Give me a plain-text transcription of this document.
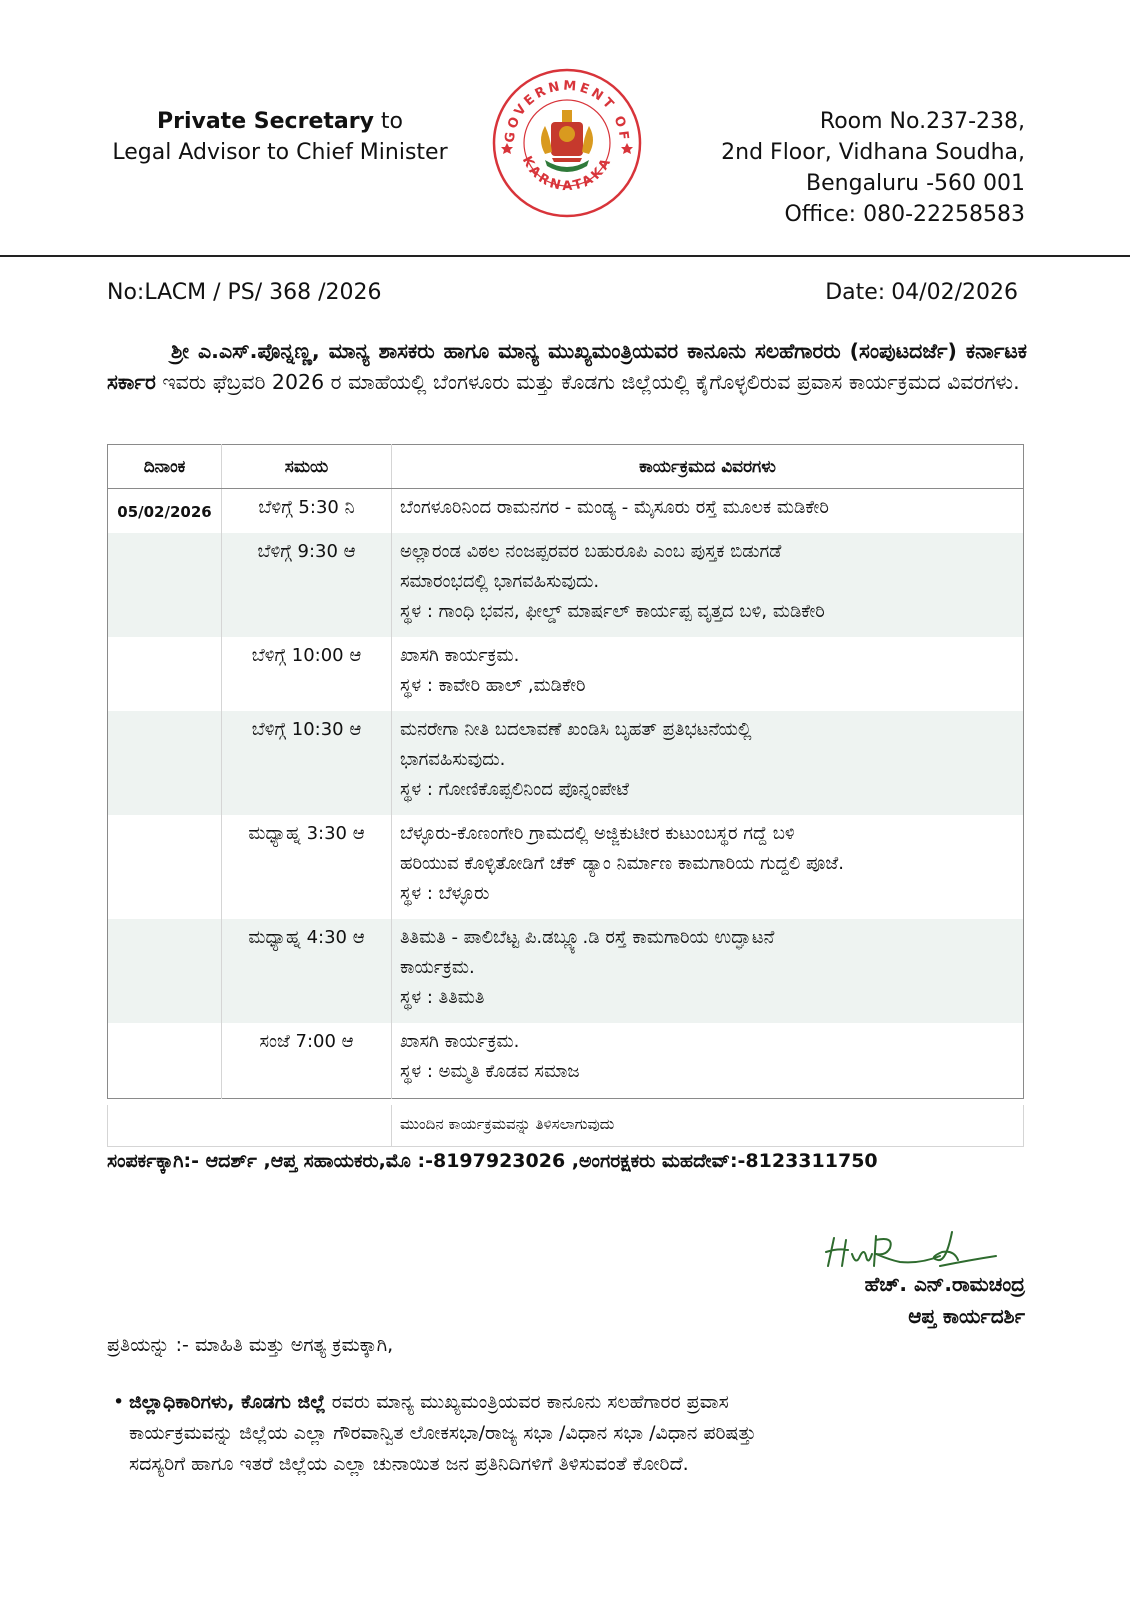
Private Secretary to
Legal Advisor to Chief Minister
GOVERNMENT OF
KARNATAKA
Room No.237-238,
2nd Floor, Vidhana Soudha,
Bengaluru -560 001
Office: 080-22258583
No:LACM / PS/ 368 /2026	Date: 04/02/2026
ಶ್ರೀ ಎ.ಎಸ್.ಪೊನ್ನಣ್ಣ, ಮಾನ್ಯ ಶಾಸಕರು ಹಾಗೂ ಮಾನ್ಯ ಮುಖ್ಯಮಂತ್ರಿಯವರ ಕಾನೂನು ಸಲಹೆಗಾರರು (ಸಂಪುಟದರ್ಜೆ) ಕರ್ನಾಟಕ ಸರ್ಕಾರ ಇವರು ಫೆಬ್ರವರಿ 2026 ರ ಮಾಹೆಯಲ್ಲಿ ಬೆಂಗಳೂರು ಮತ್ತು ಕೊಡಗು ಜಿಲ್ಲೆಯಲ್ಲಿ ಕೈಗೊಳ್ಳಲಿರುವ ಪ್ರವಾಸ ಕಾರ್ಯಕ್ರಮದ ವಿವರಗಳು.
ದಿನಾಂಕ	ಸಮಯ	ಕಾರ್ಯಕ್ರಮದ ವಿವರಗಳು
05/02/2026	ಬೆಳಿಗ್ಗೆ 5:30 ನಿ	ಬೆಂಗಳೂರಿನಿಂದ ರಾಮನಗರ - ಮಂಡ್ಯ - ಮೈಸೂರು ರಸ್ತೆ ಮೂಲಕ ಮಡಿಕೇರಿ

	ಬೆಳಿಗ್ಗೆ 9:30 ಆ	ಅಲ್ಲಾರಂಡ ವಿಠಲ ನಂಜಪ್ಪರವರ ಬಹುರೂಪಿ ಎಂಬ ಪುಸ್ತಕ ಬಿಡುಗಡೆ
ಸಮಾರಂಭದಲ್ಲಿ ಭಾಗವಹಿಸುವುದು.
ಸ್ಥಳ : ಗಾಂಧಿ ಭವನ, ಫೀಲ್ಡ್ ಮಾರ್ಷಲ್ ಕಾರ್ಯಪ್ಪ ವೃತ್ತದ ಬಳಿ, ಮಡಿಕೇರಿ

	ಬೆಳಿಗ್ಗೆ 10:00 ಆ	ಖಾಸಗಿ ಕಾರ್ಯಕ್ರಮ.
ಸ್ಥಳ : ಕಾವೇರಿ ಹಾಲ್ ,ಮಡಿಕೇರಿ

	ಬೆಳಿಗ್ಗೆ 10:30 ಆ	ಮನರೇಗಾ ನೀತಿ ಬದಲಾವಣೆ ಖಂಡಿಸಿ ಬೃಹತ್ ಪ್ರತಿಭಟನೆಯಲ್ಲಿ
ಭಾಗವಹಿಸುವುದು.
ಸ್ಥಳ : ಗೋಣಿಕೊಪ್ಪಲಿನಿಂದ ಪೊನ್ನಂಪೇಟೆ

	ಮಧ್ಯಾಹ್ನ 3:30 ಆ	ಬೆಳ್ಳೂರು-ಕೊಣಂಗೇರಿ ಗ್ರಾಮದಲ್ಲಿ ಅಜ್ಜಿಕುಟೀರ ಕುಟುಂಬಸ್ಥರ ಗದ್ದೆ ಬಳಿ
ಹರಿಯುವ ಕೊಳ್ಳಿತೋಡಿಗೆ ಚೆಕ್ ಡ್ಯಾಂ ನಿರ್ಮಾಣ ಕಾಮಗಾರಿಯ ಗುದ್ದಲಿ ಪೂಜೆ.
ಸ್ಥಳ : ಬೆಳ್ಳೂರು

	ಮಧ್ಯಾಹ್ನ 4:30 ಆ	ತಿತಿಮತಿ - ಪಾಲಿಬೆಟ್ಟ ಪಿ.ಡಬ್ಲ್ಯೂ.ಡಿ ರಸ್ತೆ ಕಾಮಗಾರಿಯ ಉದ್ಘಾಟನೆ
ಕಾರ್ಯಕ್ರಮ.
ಸ್ಥಳ : ತಿತಿಮತಿ

	ಸಂಜೆ 7:00 ಆ	ಖಾಸಗಿ ಕಾರ್ಯಕ್ರಮ.
ಸ್ಥಳ : ಅಮ್ಮತಿ ಕೊಡವ ಸಮಾಜ
ಮುಂದಿನ ಕಾರ್ಯಕ್ರಮವನ್ನು ತಿಳಿಸಲಾಗುವುದು
ಸಂಪರ್ಕಕ್ಕಾಗಿ:- ಆದರ್ಶ್ ,ಆಪ್ತ ಸಹಾಯಕರು,ಮೊ :-8197923026 ,ಅಂಗರಕ್ಷಕರು ಮಹದೇವ್:-8123311750
ಹೆಚ್. ಎನ್.ರಾಮಚಂದ್ರ
ಆಪ್ತ ಕಾರ್ಯದರ್ಶಿ
ಪ್ರತಿಯನ್ನು :- ಮಾಹಿತಿ ಮತ್ತು ಅಗತ್ಯ ಕ್ರಮಕ್ಕಾಗಿ,
• ಜಿಲ್ಲಾಧಿಕಾರಿಗಳು, ಕೊಡಗು ಜಿಲ್ಲೆ ರವರು ಮಾನ್ಯ ಮುಖ್ಯಮಂತ್ರಿಯವರ ಕಾನೂನು ಸಲಹೆಗಾರರ ಪ್ರವಾಸ
ಕಾರ್ಯಕ್ರಮವನ್ನು ಜಿಲ್ಲೆಯ ಎಲ್ಲಾ ಗೌರವಾನ್ವಿತ ಲೋಕಸಭಾ/ರಾಜ್ಯ ಸಭಾ /ವಿಧಾನ ಸಭಾ /ವಿಧಾನ ಪರಿಷತ್ತು
ಸದಸ್ಯರಿಗೆ ಹಾಗೂ ಇತರೆ ಜಿಲ್ಲೆಯ ಎಲ್ಲಾ ಚುನಾಯಿತ ಜನ ಪ್ರತಿನಿದಿಗಳಿಗೆ ತಿಳಿಸುವಂತೆ ಕೋರಿದೆ.
